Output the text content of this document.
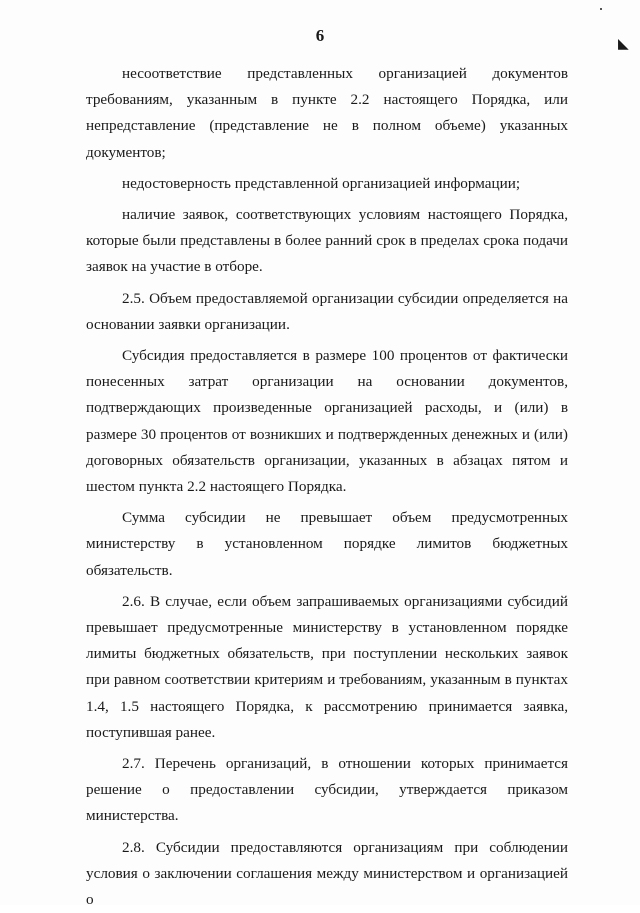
6	◣

несоответствие представленных организацией документов требованиям, указанным в пункте 2.2 настоящего Порядка, или непредставление (представление не в полном объеме) указанных документов;

недостоверность представленной организацией информации;

наличие заявок, соответствующих условиям настоящего Порядка, которые были представлены в более ранний срок в пределах срока подачи заявок на участие в отборе.

2.5. Объем предоставляемой организации субсидии определяется на основании заявки организации.

Субсидия предоставляется в размере 100 процентов от фактически понесенных затрат организации на основании документов, подтверждающих произведенные организацией расходы, и (или) в размере 30 процентов от возникших и подтвержденных денежных и (или) договорных обязательств организации, указанных в абзацах пятом и шестом пункта 2.2 настоящего Порядка.

Сумма субсидии не превышает объем предусмотренных министерству в установленном порядке лимитов бюджетных обязательств.

2.6. В случае, если объем запрашиваемых организациями субсидий превышает предусмотренные министерству в установленном порядке лимиты бюджетных обязательств, при поступлении нескольких заявок при равном соответствии критериям и требованиям, указанным в пунктах 1.4, 1.5 настоящего Порядка, к рассмотрению принимается заявка, поступившая ранее.

2.7. Перечень организаций, в отношении которых принимается решение о предоставлении субсидии, утверждается приказом министерства.

2.8. Субсидии предоставляются организациям при соблюдении условия о заключении соглашения между министерством и организацией о
